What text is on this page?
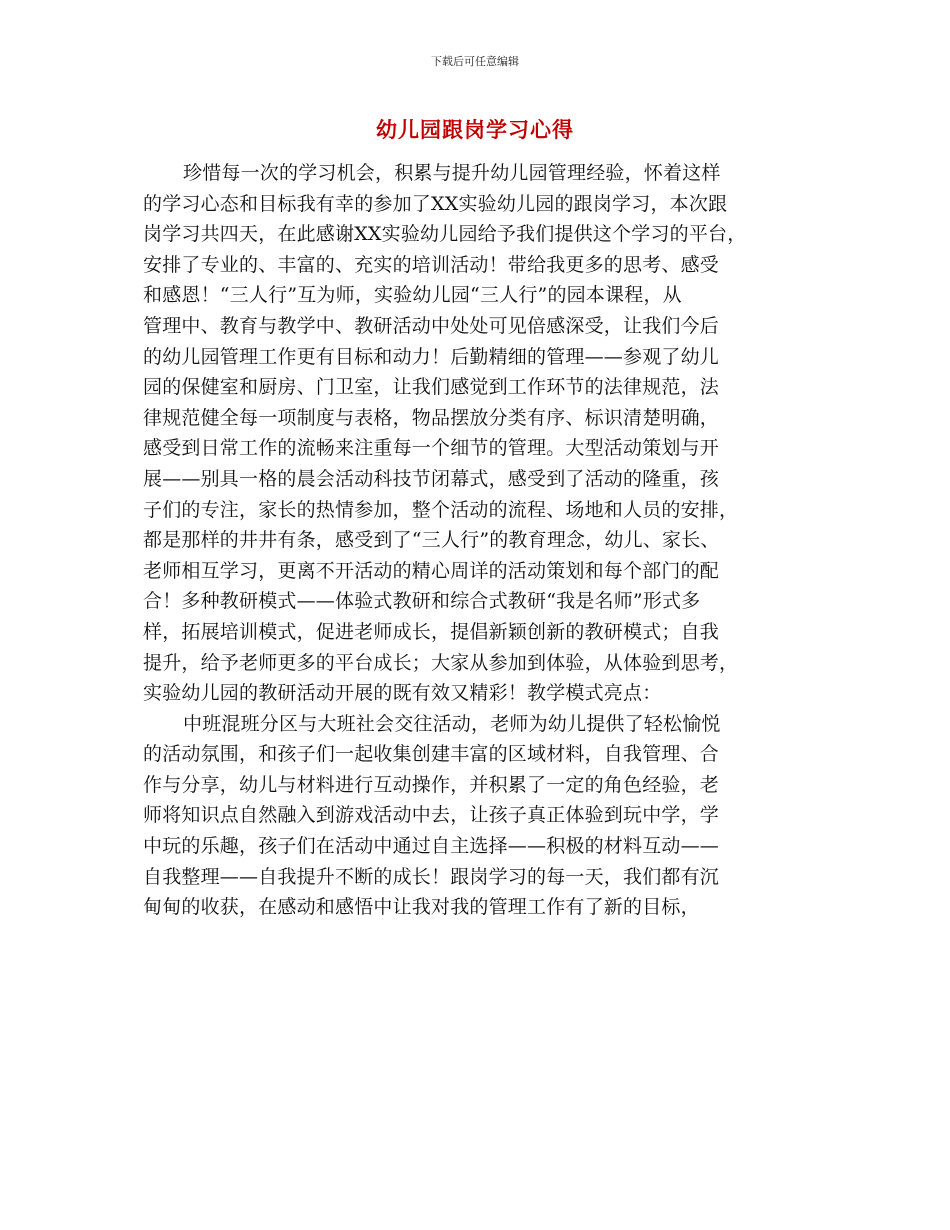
下载后可任意编辑
幼儿园跟岗学习心得
珍惜每一次的学习机会，积累与提升幼儿园管理经验，怀着这样
的学习心态和目标我有幸的参加了XX实验幼儿园的跟岗学习，本次跟
岗学习共四天，在此感谢XX实验幼儿园给予我们提供这个学习的平台，
安排了专业的、丰富的、充实的培训活动！带给我更多的思考、感受
和感恩！“三人行”互为师，实验幼儿园“三人行”的园本课程，从
管理中、教育与教学中、教研活动中处处可见倍感深受，让我们今后
的幼儿园管理工作更有目标和动力！后勤精细的管理——参观了幼儿
园的保健室和厨房、门卫室，让我们感觉到工作环节的法律规范，法
律规范健全每一项制度与表格，物品摆放分类有序、标识清楚明确，
感受到日常工作的流畅来注重每一个细节的管理。大型活动策划与开
展——别具一格的晨会活动科技节闭幕式，感受到了活动的隆重，孩
子们的专注，家长的热情参加，整个活动的流程、场地和人员的安排，
都是那样的井井有条，感受到了“三人行”的教育理念，幼儿、家长、
老师相互学习，更离不开活动的精心周详的活动策划和每个部门的配
合！多种教研模式——体验式教研和综合式教研“我是名师”形式多
样，拓展培训模式，促进老师成长，提倡新颖创新的教研模式；自我
提升，给予老师更多的平台成长；大家从参加到体验，从体验到思考，
实验幼儿园的教研活动开展的既有效又精彩！教学模式亮点：
中班混班分区与大班社会交往活动，老师为幼儿提供了轻松愉悦
的活动氛围，和孩子们一起收集创建丰富的区域材料，自我管理、合
作与分享，幼儿与材料进行互动操作，并积累了一定的角色经验，老
师将知识点自然融入到游戏活动中去，让孩子真正体验到玩中学，学
中玩的乐趣，孩子们在活动中通过自主选择——积极的材料互动——
自我整理——自我提升不断的成长！跟岗学习的每一天，我们都有沉
甸甸的收获，在感动和感悟中让我对我的管理工作有了新的目标，
